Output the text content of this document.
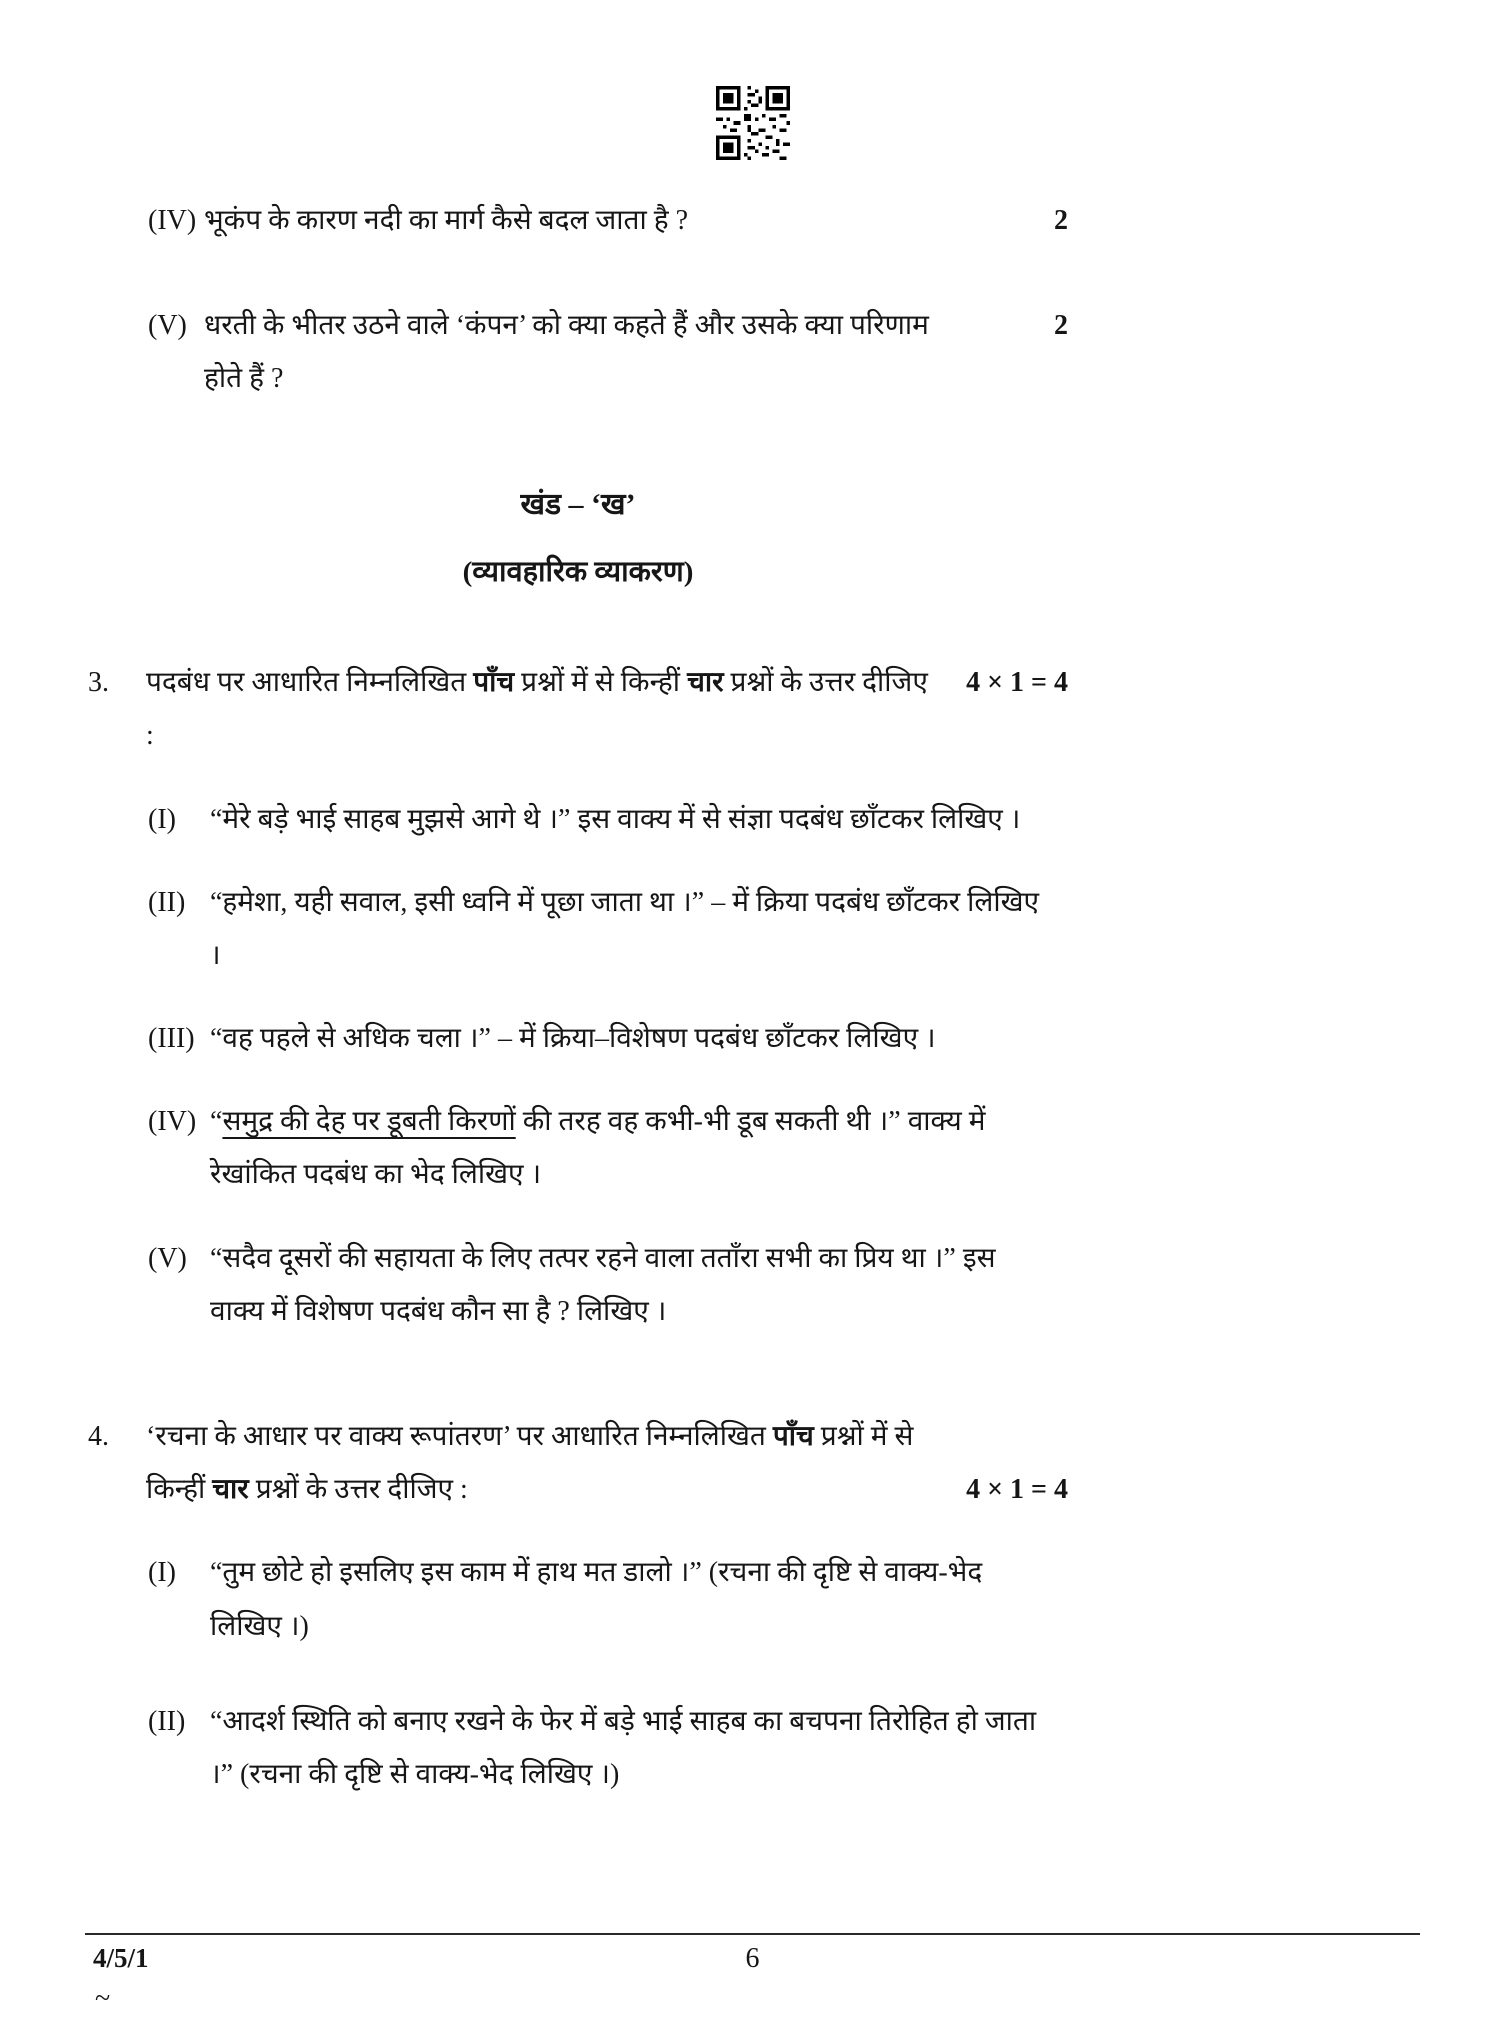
(IV) भूकंप के कारण नदी का मार्ग कैसे बदल जाता है ?	2
(V) धरती के भीतर उठने वाले ‘कंपन’ को क्या कहते हैं और उसके क्या परिणाम होते हैं ?
2
खंड – ‘ख’
(व्यावहारिक व्याकरण)
3.	पदबंध पर आधारित निम्नलिखित पाँच प्रश्नों में से किन्हीं चार प्रश्नों के उत्तर दीजिए :
4 × 1 = 4
(I)	“मेरे बड़े भाई साहब मुझसे आगे थे ।” इस वाक्य में से संज्ञा पदबंध छाँटकर लिखिए ।
(II) “हमेशा, यही सवाल, इसी ध्वनि में पूछा जाता था ।” – में क्रिया पदबंध छाँटकर लिखिए ।
(III) “वह पहले से अधिक चला ।” – में क्रिया–विशेषण पदबंध छाँटकर लिखिए ।
(IV) “समुद्र की देह पर डूबती किरणों की तरह वह कभी-भी डूब सकती थी ।” वाक्य में रेखांकित पदबंध का भेद लिखिए ।
(V) “सदैव दूसरों की सहायता के लिए तत्पर रहने वाला तताँरा सभी का प्रिय था ।” इस वाक्य में विशेषण पदबंध कौन सा है ? लिखिए ।
4.	‘रचना के आधार पर वाक्य रूपांतरण’ पर आधारित निम्नलिखित पाँच प्रश्नों में से किन्हीं चार प्रश्नों के उत्तर दीजिए :	4 × 1 = 4
(I)	“तुम छोटे हो इसलिए इस काम में हाथ मत डालो ।” (रचना की दृष्टि से वाक्य-भेद लिखिए ।)
(II) “आदर्श स्थिति को बनाए रखने के फेर में बड़े भाई साहब का बचपना तिरोहित हो जाता ।” (रचना की दृष्टि से वाक्य-भेद लिखिए ।)
4/5/1	6
~
